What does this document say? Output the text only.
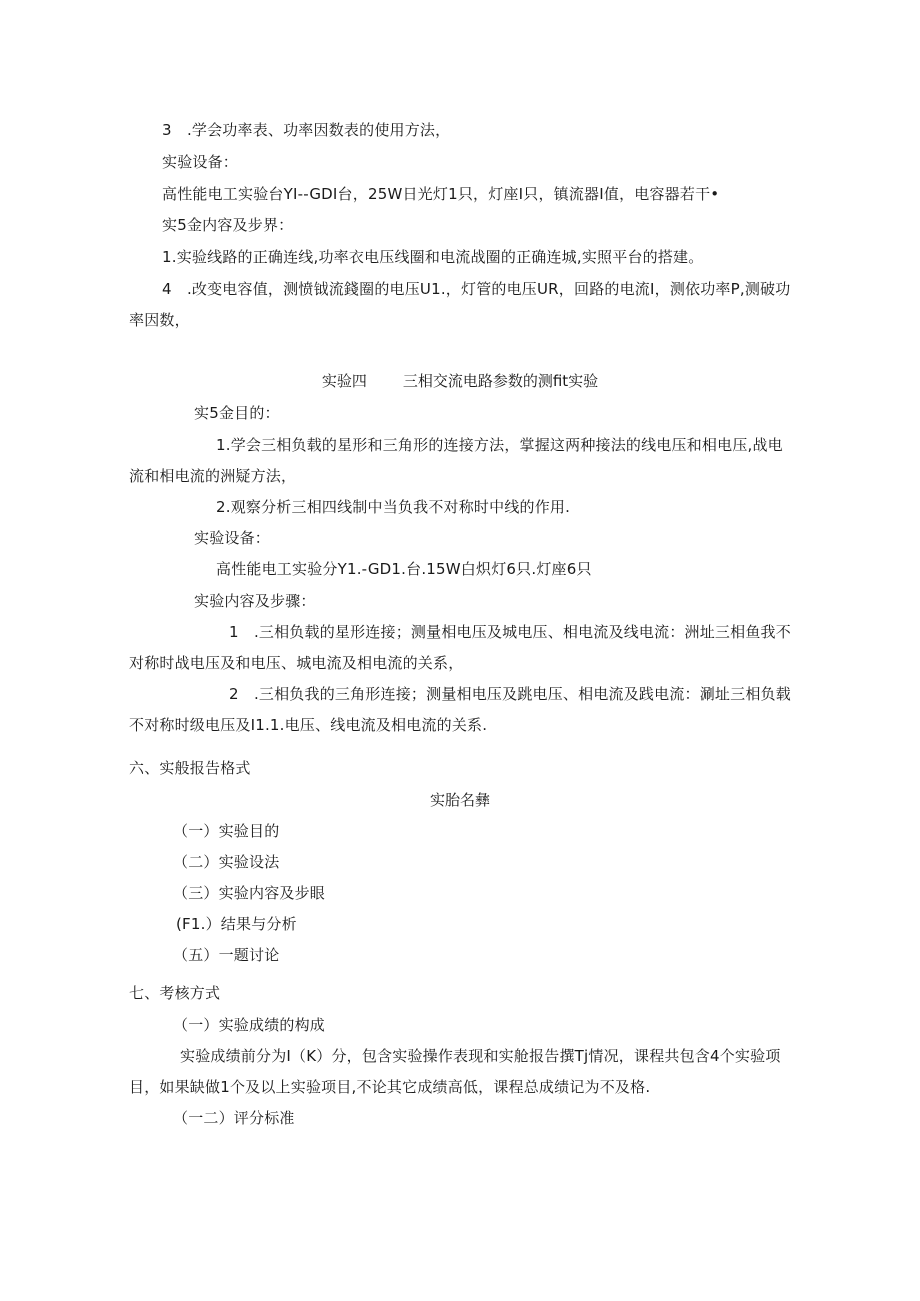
3　.学会功率表、功率因数表的使用方法，
实验设备：
高性能电工实验台YI--GDI台，25W日光灯1只，灯座I只，镇流器I值，电容器若干•
实5金内容及步界：
1.实验线路的正确连线,功率衣电压线圈和电流战圈的正确连城,实照平台的搭建。
4　.改变电容值，测愤钺流錢圈的电压U1.，灯管的电压UR，回路的电流I，测依功率P,测破功
率因数，
实验四 三相交流电路参数的测fit实验
实5金目的：
1.学会三相负载的星形和三角形的连接方法，掌握这两种接法的线电压和相电压,战电
流和相电流的洲疑方法，
2.观察分析三相四线制中当负我不对称时中线的作用.
实验设备：
高性能电工实验分Y1.-GD1.台.15W白炽灯6只.灯座6只
实验内容及步骤：
1　.三相负载的星形连接；测量相电压及城电压、相电流及线电流：洲址三相鱼我不
对称时战电压及和电压、城电流及相电流的关系，
2　.三相负我的三角形连接；测量相电压及跳电压、相电流及践电流：涮址三相负载
不对称时级电压及I1.1.电压、线电流及相电流的关系.
六、实般报告格式
实胎名彝
（一）实验目的
（二）实验设法
（三）实验内容及步眼
(F1.）结果与分析
（五）一题讨论
七、考核方式
（一）实验成绩的构成
实验成绩前分为I（K）分，包含实验操作表现和实舱报告撰Tj情况，课程共包含4个实验项
目，如果缺做1个及以上实验项目,不论其它成绩高低，课程总成绩记为不及格.
（一二）评分标准
